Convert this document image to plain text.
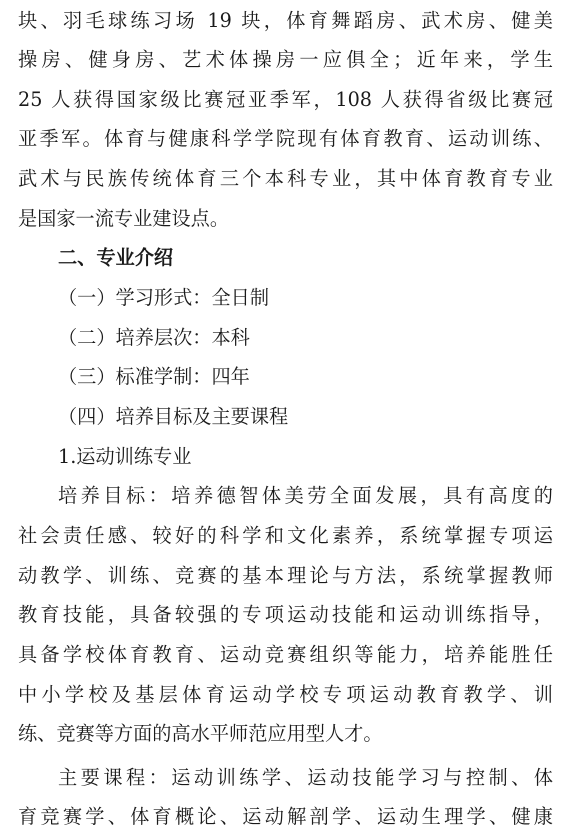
块、羽毛球练习场 19 块，体育舞蹈房、武术房、健美
操房、健身房、艺术体操房一应俱全；近年来，学生
25 人获得国家级比赛冠亚季军，108 人获得省级比赛冠
亚季军。体育与健康科学学院现有体育教育、运动训练、
武术与民族传统体育三个本科专业，其中体育教育专业
是国家一流专业建设点。
二、专业介绍
（一）学习形式：全日制
（二）培养层次：本科
（三）标准学制：四年
（四）培养目标及主要课程
1.运动训练专业
培养目标：培养德智体美劳全面发展，具有高度的
社会责任感、较好的科学和文化素养，系统掌握专项运
动教学、训练、竞赛的基本理论与方法，系统掌握教师
教育技能，具备较强的专项运动技能和运动训练指导，
具备学校体育教育、运动竞赛组织等能力，培养能胜任
中小学校及基层体育运动学校专项运动教育教学、训
练、竞赛等方面的高水平师范应用型人才。
主要课程：运动训练学、运动技能学习与控制、体
育竞赛学、体育概论、运动解剖学、运动生理学、健康
